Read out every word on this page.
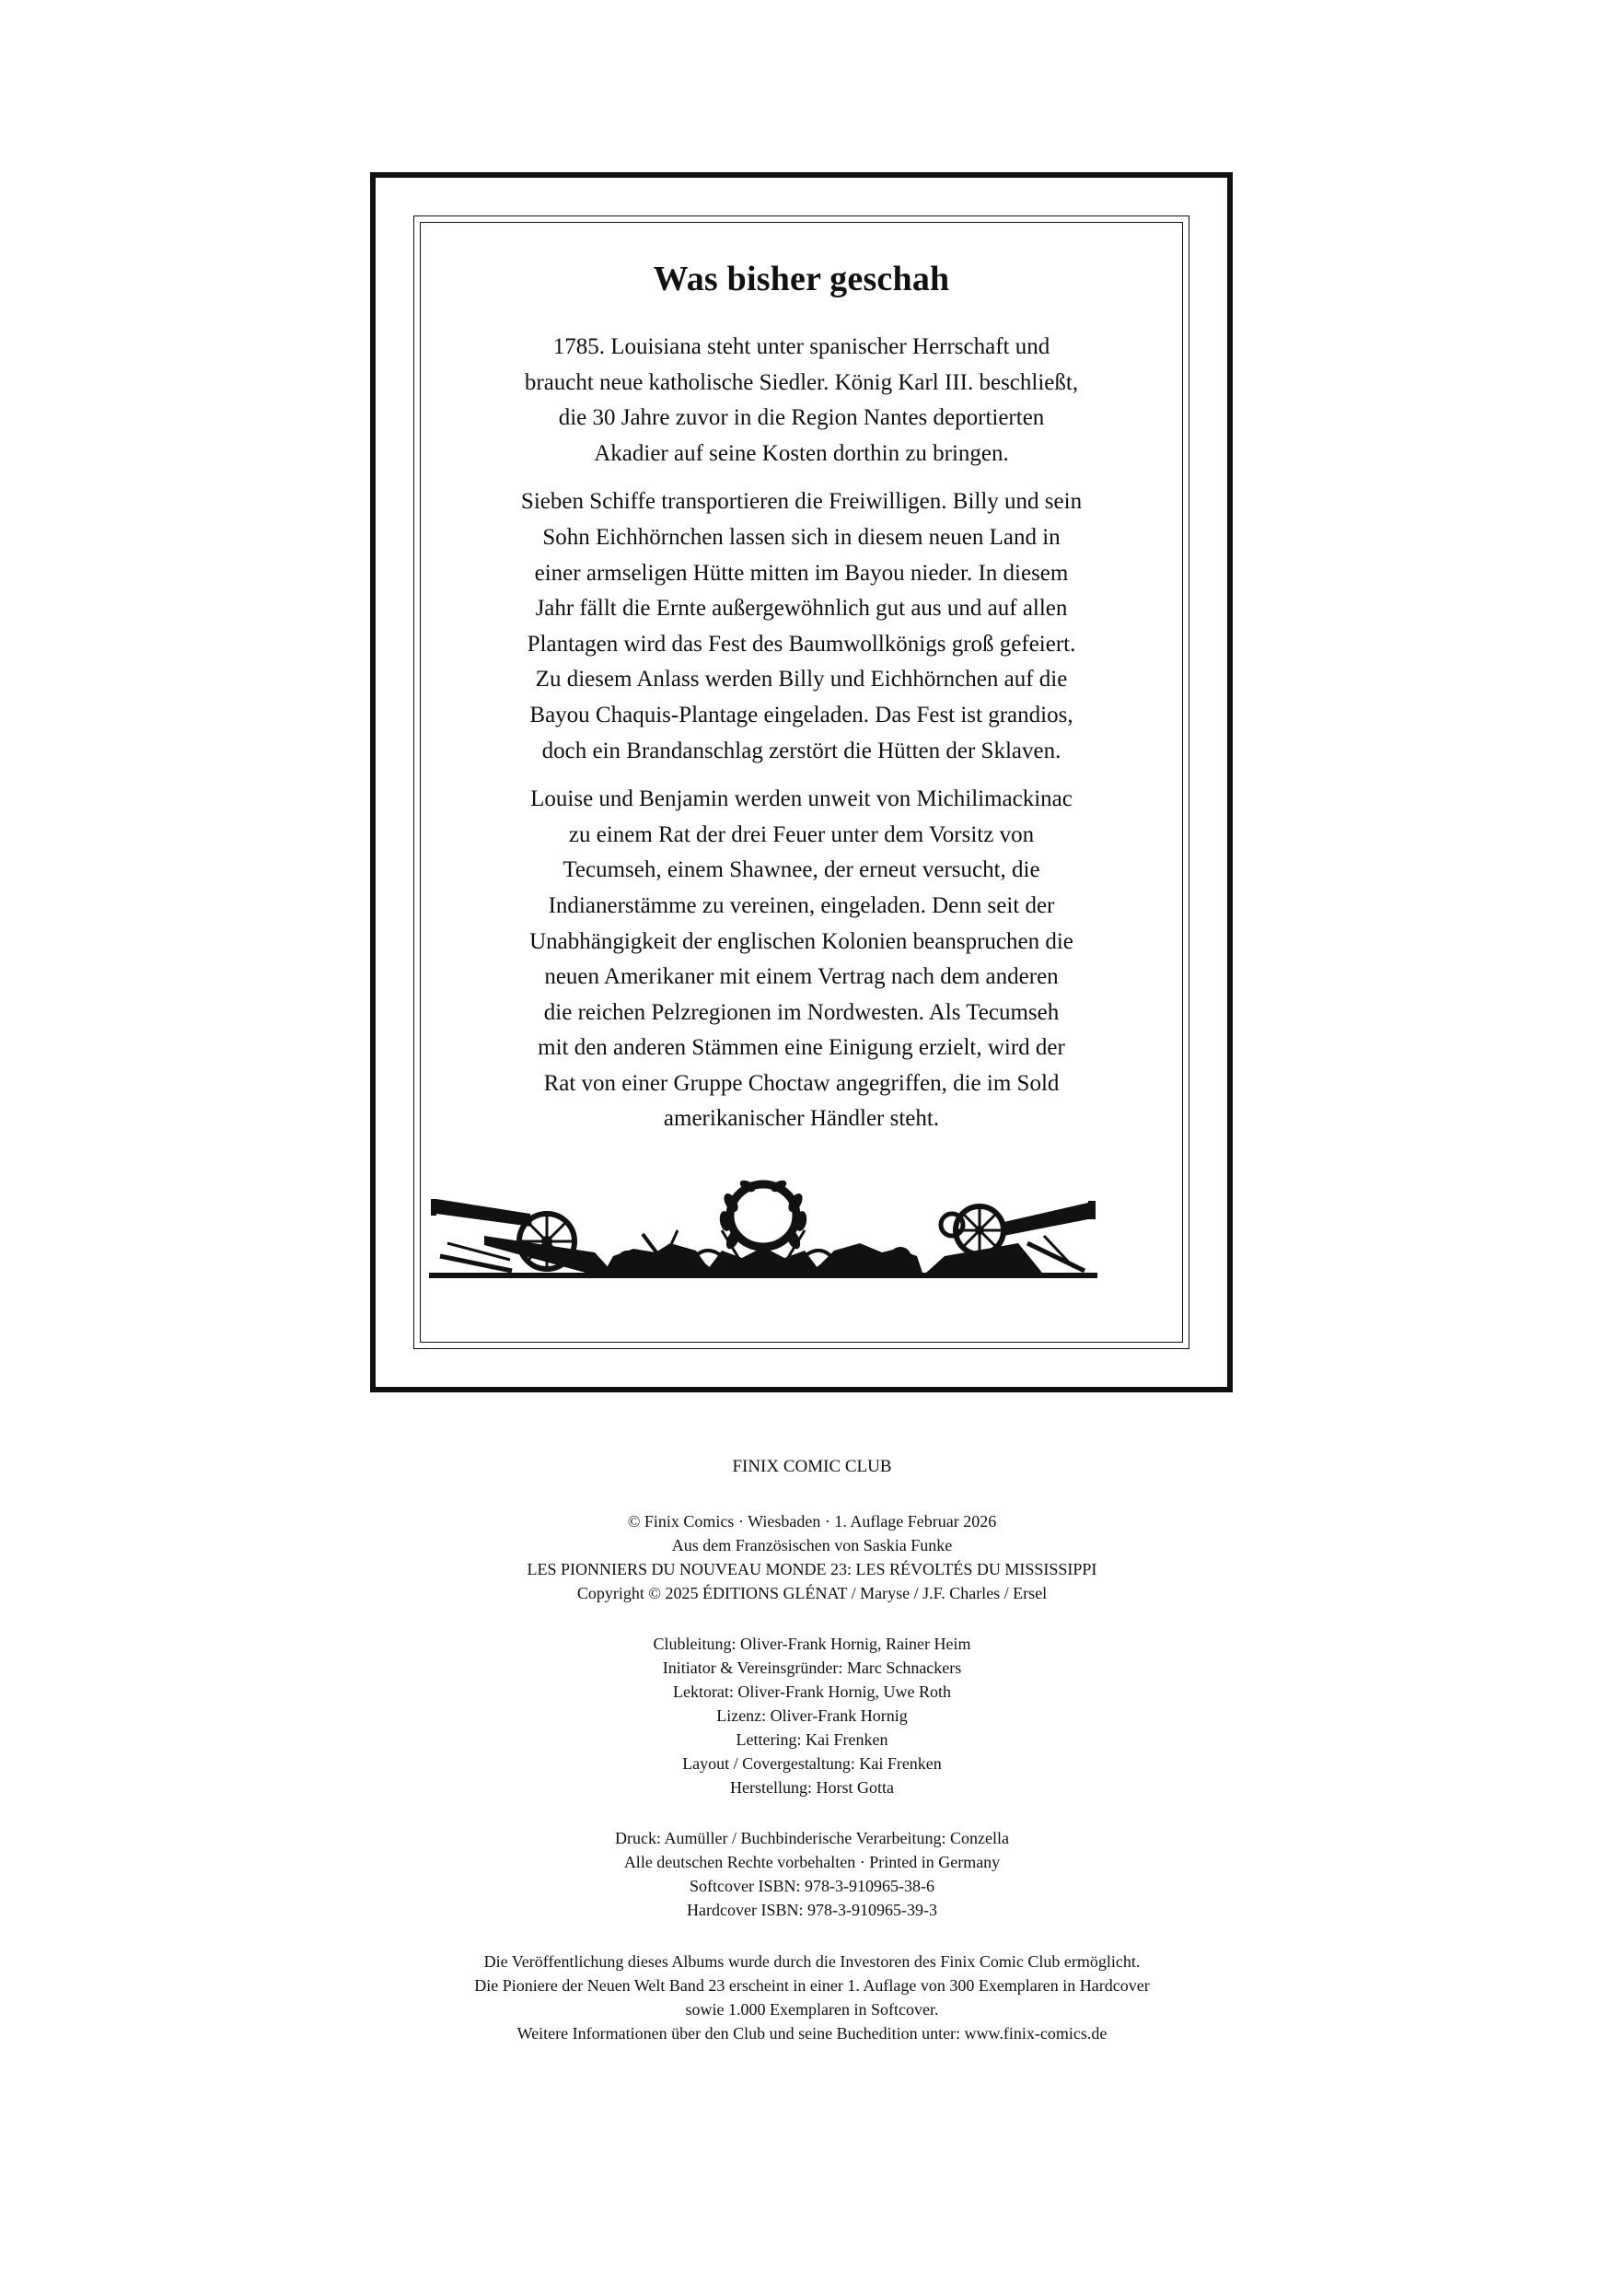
Was bisher geschah

1785. Louisiana steht unter spanischer Herrschaft und
braucht neue katholische Siedler. König Karl III. beschließt,
die 30 Jahre zuvor in die Region Nantes deportierten
Akadier auf seine Kosten dorthin zu bringen.

Sieben Schiffe transportieren die Freiwilligen. Billy und sein
Sohn Eichhörnchen lassen sich in diesem neuen Land in
einer armseligen Hütte mitten im Bayou nieder. In diesem
Jahr fällt die Ernte außergewöhnlich gut aus und auf allen
Plantagen wird das Fest des Baumwollkönigs groß gefeiert.
Zu diesem Anlass werden Billy und Eichhörnchen auf die
Bayou Chaquis-Plantage eingeladen. Das Fest ist grandios,
doch ein Brandanschlag zerstört die Hütten der Sklaven.

Louise und Benjamin werden unweit von Michilimackinac
zu einem Rat der drei Feuer unter dem Vorsitz von
Tecumseh, einem Shawnee, der erneut versucht, die
Indianerstämme zu vereinen, eingeladen. Denn seit der
Unabhängigkeit der englischen Kolonien beanspruchen die
neuen Amerikaner mit einem Vertrag nach dem anderen
die reichen Pelzregionen im Nordwesten. Als Tecumseh
mit den anderen Stämmen eine Einigung erzielt, wird der
Rat von einer Gruppe Choctaw angegriffen, die im Sold
amerikanischer Händler steht.

FINIX COMIC CLUB
© Finix Comics · Wiesbaden · 1. Auflage Februar 2026
Aus dem Französischen von Saskia Funke
LES PIONNIERS DU NOUVEAU MONDE 23: LES RÉVOLTÉS DU MISSISSIPPI
Copyright © 2025 ÉDITIONS GLÉNAT / Maryse / J.F. Charles / Ersel
Clubleitung: Oliver-Frank Hornig, Rainer Heim
Initiator & Vereinsgründer: Marc Schnackers
Lektorat: Oliver-Frank Hornig, Uwe Roth
Lizenz: Oliver-Frank Hornig
Lettering: Kai Frenken
Layout / Covergestaltung: Kai Frenken
Herstellung: Horst Gotta
Druck: Aumüller / Buchbinderische Verarbeitung: Conzella
Alle deutschen Rechte vorbehalten · Printed in Germany
Softcover ISBN: 978-3-910965-38-6
Hardcover ISBN: 978-3-910965-39-3
Die Veröffentlichung dieses Albums wurde durch die Investoren des Finix Comic Club ermöglicht.
Die Pioniere der Neuen Welt Band 23 erscheint in einer 1. Auflage von 300 Exemplaren in Hardcover
sowie 1.000 Exemplaren in Softcover.
Weitere Informationen über den Club und seine Buchedition unter: www.finix-comics.de
